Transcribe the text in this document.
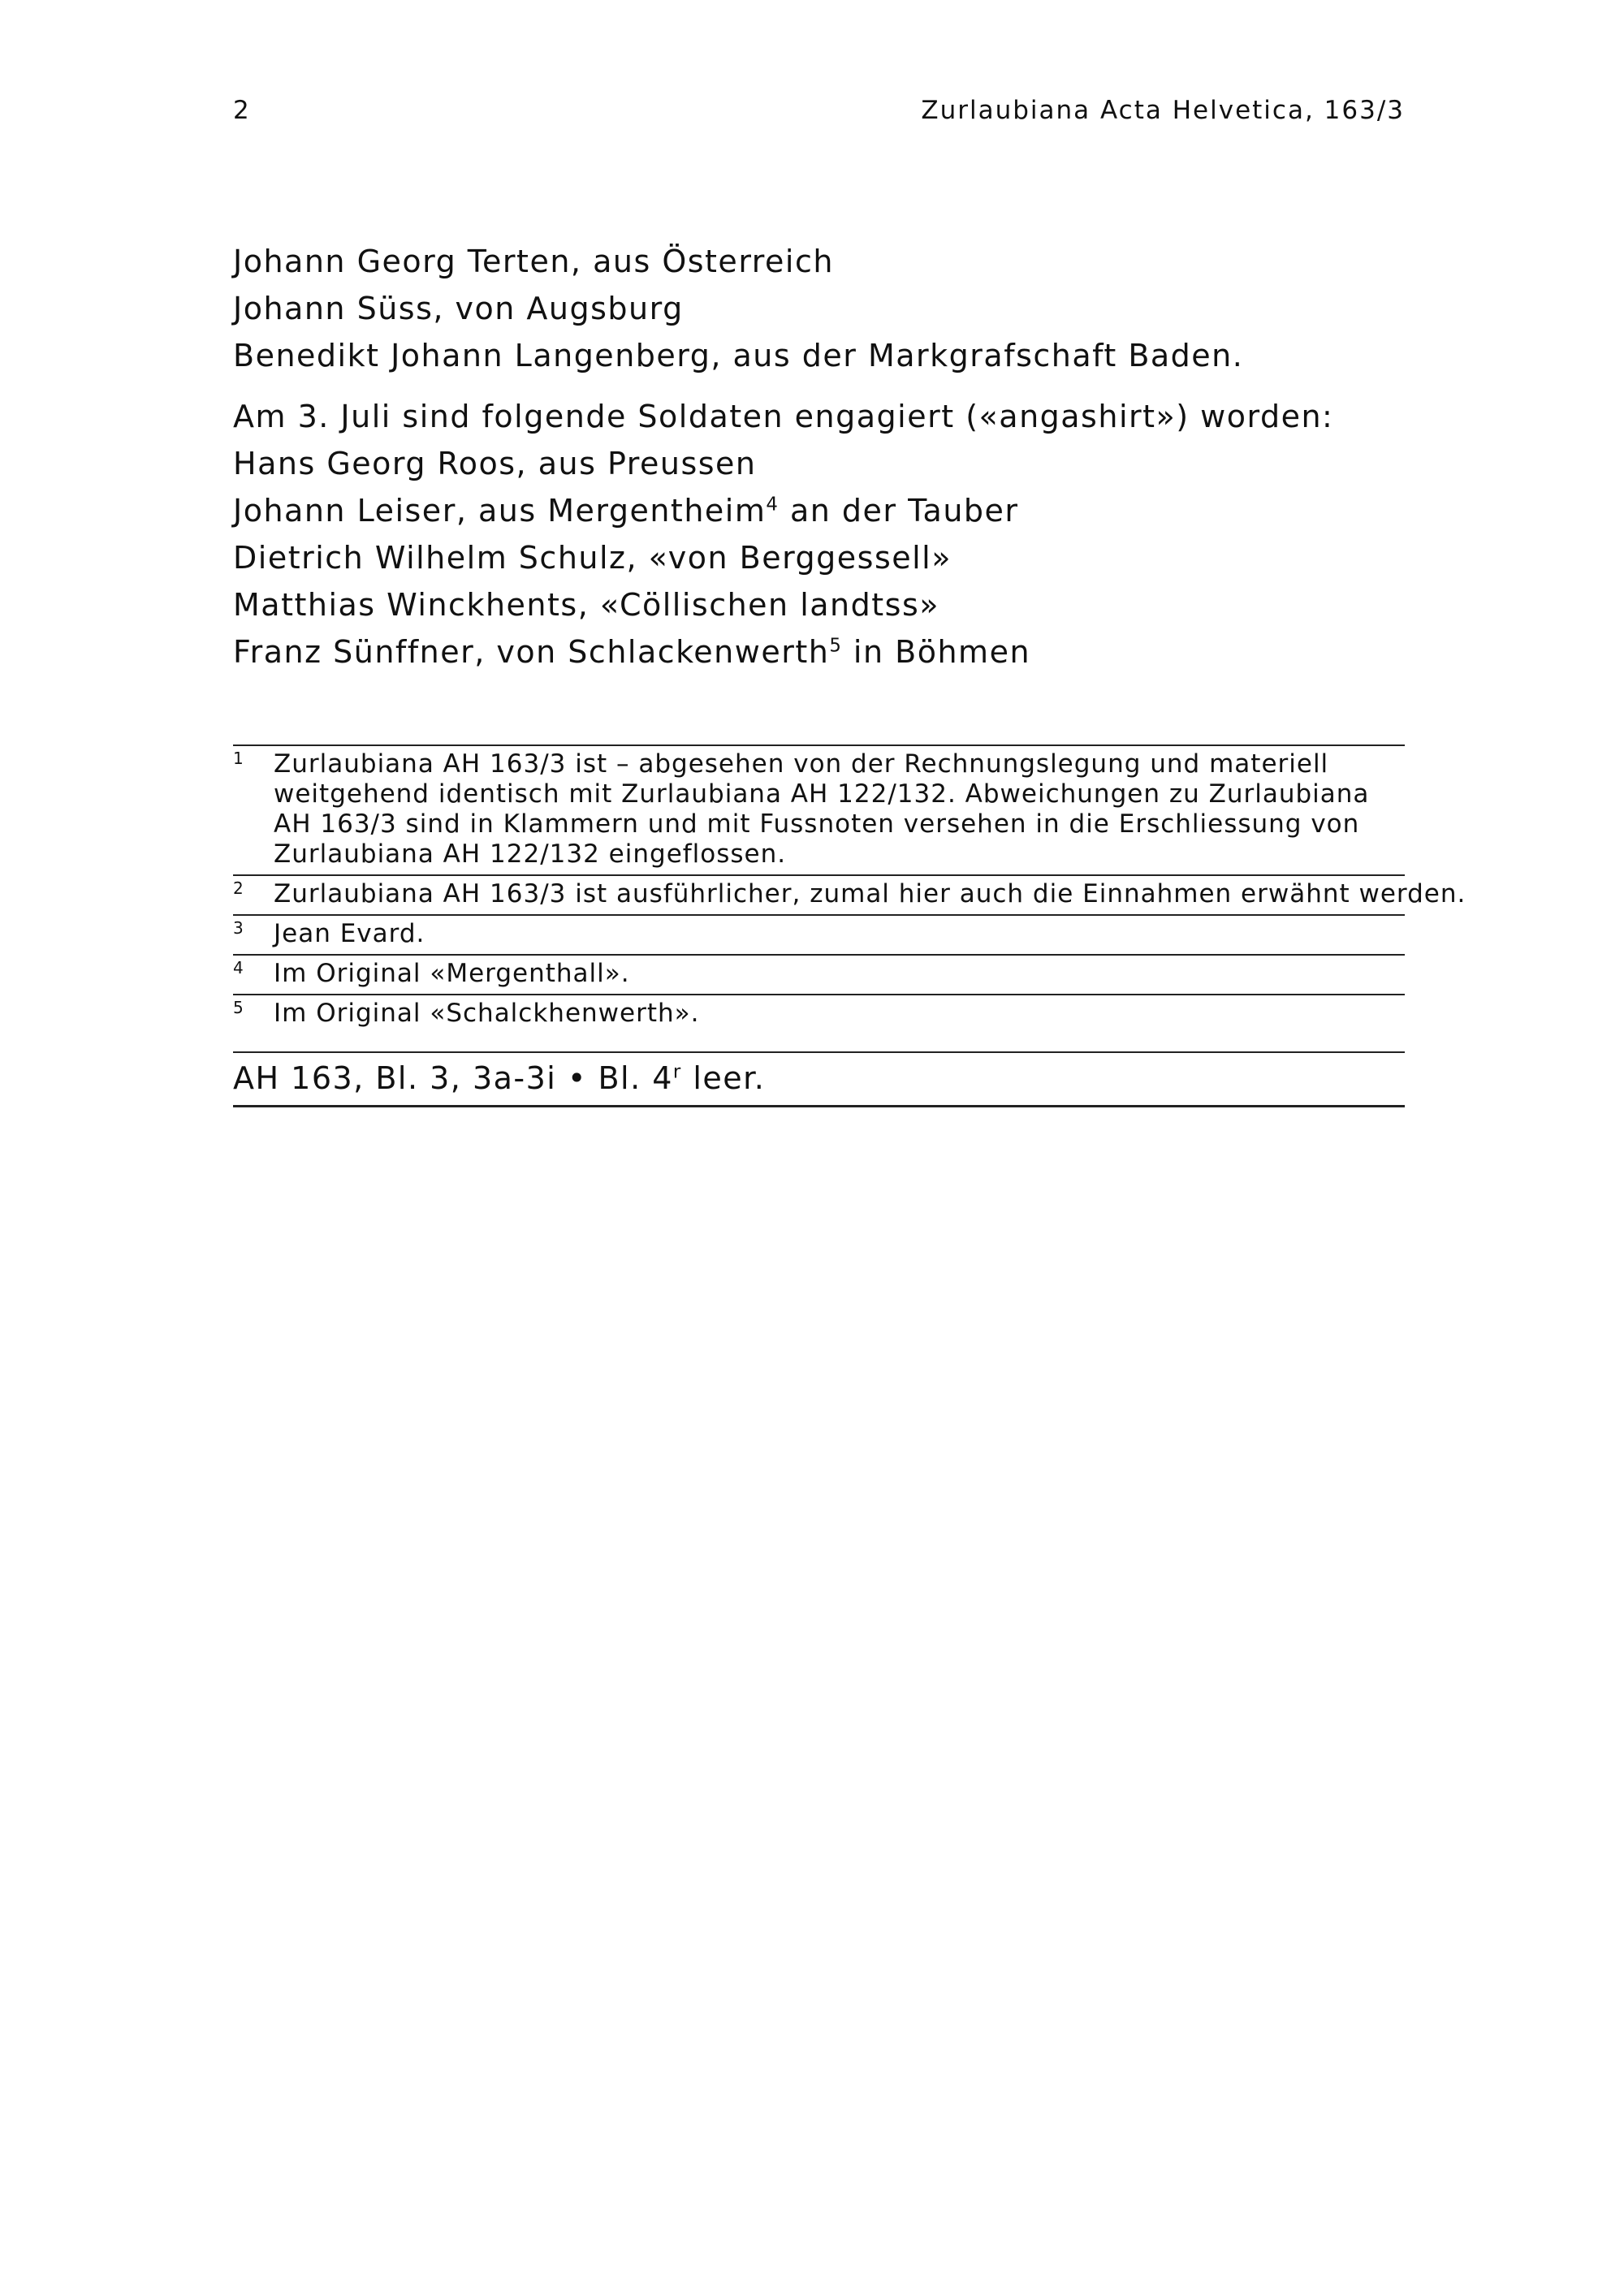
2	Zurlaubiana Acta Helvetica, 163/3
Johann Georg Terten, aus Österreich
Johann Süss, von Augsburg
Benedikt Johann Langenberg, aus der Markgrafschaft Baden.
Am 3. Juli sind folgende Soldaten engagiert («angashirt») worden:
Hans Georg Roos, aus Preussen
Johann Leiser, aus Mergentheim$^4$ an der Tauber
Dietrich Wilhelm Schulz, «von Berggessell»
Matthias Winckhents, «Cöllischen landtss»
Franz Sünffner, von Schlackenwerth$^5$ in Böhmen
1	Zurlaubiana AH 163/3 ist – abgesehen von der Rechnungslegung und materiell
weitgehend identisch mit Zurlaubiana AH 122/132. Abweichungen zu Zurlaubiana
AH 163/3 sind in Klammern und mit Fussnoten versehen in die Erschliessung von
Zurlaubiana AH 122/132 eingeflossen.
2	Zurlaubiana AH 163/3 ist ausführlicher, zumal hier auch die Einnahmen erwähnt werden.
3	Jean Evard.
4	Im Original «Mergenthall».
5	Im Original «Schalckhenwerth».
AH 163, Bl. 3, 3a-3i • Bl. 4$^r$ leer.
